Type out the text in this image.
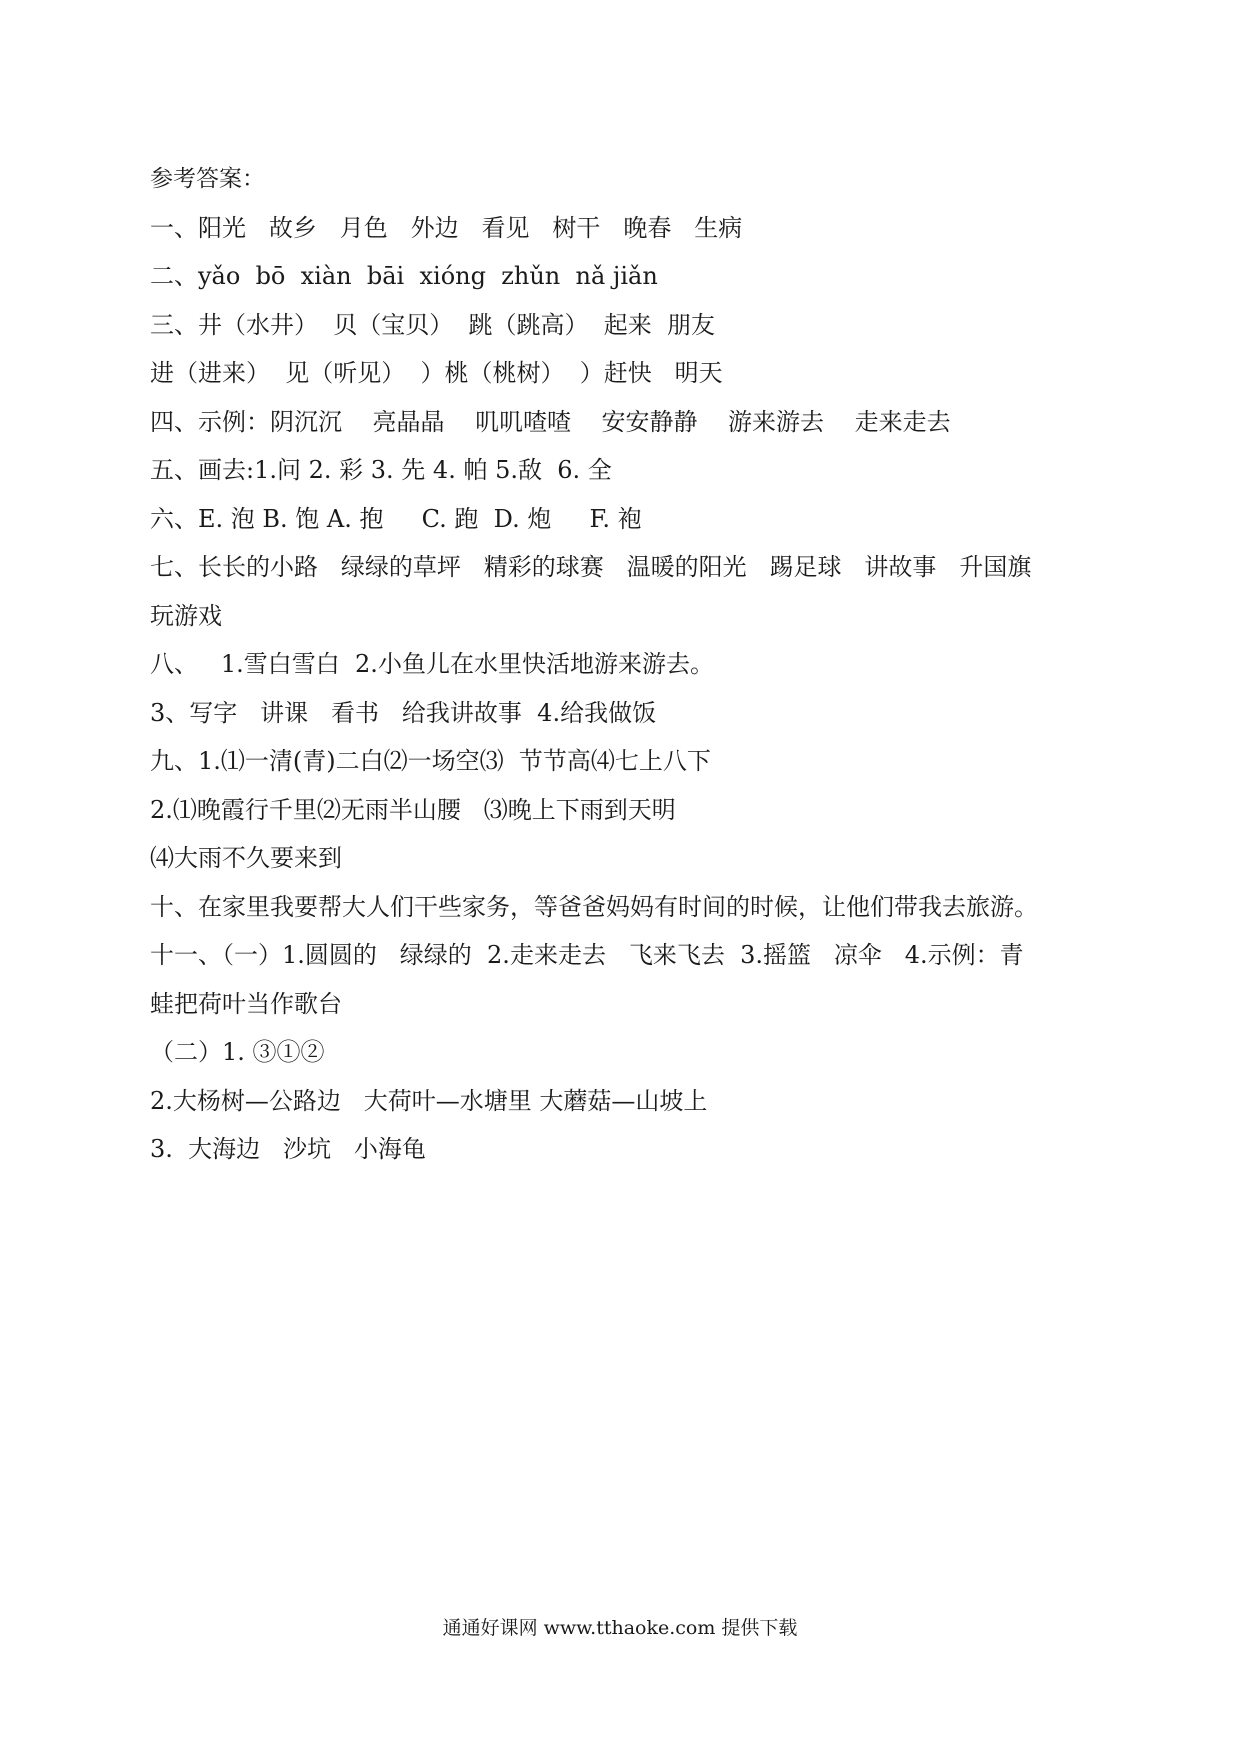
参考答案：
一、阳光   故乡   月色   外边   看见   树干   晚春   生病
二、yǎo  bō  xiàn  bāi  xióng  zhǔn  nǎ jiǎn
三、井（水井）  贝（宝贝）  跳（跳高）  起来  朋友
进（进来）  见（听见）  ）桃（桃树）  ）赶快   明天
四、示例：阴沉沉    亮晶晶    叽叽喳喳    安安静静    游来游去    走来走去
五、画去:1.问 2. 彩 3. 先 4. 帕 5.敌  6. 全
六、E. 泡 B. 饱 A. 抱     C. 跑  D. 炮     F. 袍
七、长长的小路   绿绿的草坪   精彩的球赛   温暖的阳光   踢足球   讲故事   升国旗
玩游戏
八、   1.雪白雪白  2.小鱼儿在水里快活地游来游去。
3、写字   讲课   看书   给我讲故事  4.给我做饭
九、1.⑴一清(青)二白⑵一场空⑶  节节高⑷七上八下
2.⑴晚霞行千里⑵无雨半山腰   ⑶晚上下雨到天明
⑷大雨不久要来到
十、在家里我要帮大人们干些家务，等爸爸妈妈有时间的时候，让他们带我去旅游。
十一、（一）1.圆圆的   绿绿的  2.走来走去   飞来飞去  3.摇篮   凉伞   4.示例：青
蛙把荷叶当作歌台
（二）1. ③①②
2.大杨树—公路边   大荷叶—水塘里 大蘑菇—山坡上
3.  大海边   沙坑   小海龟
通通好课网 www.tthaoke.com 提供下载
